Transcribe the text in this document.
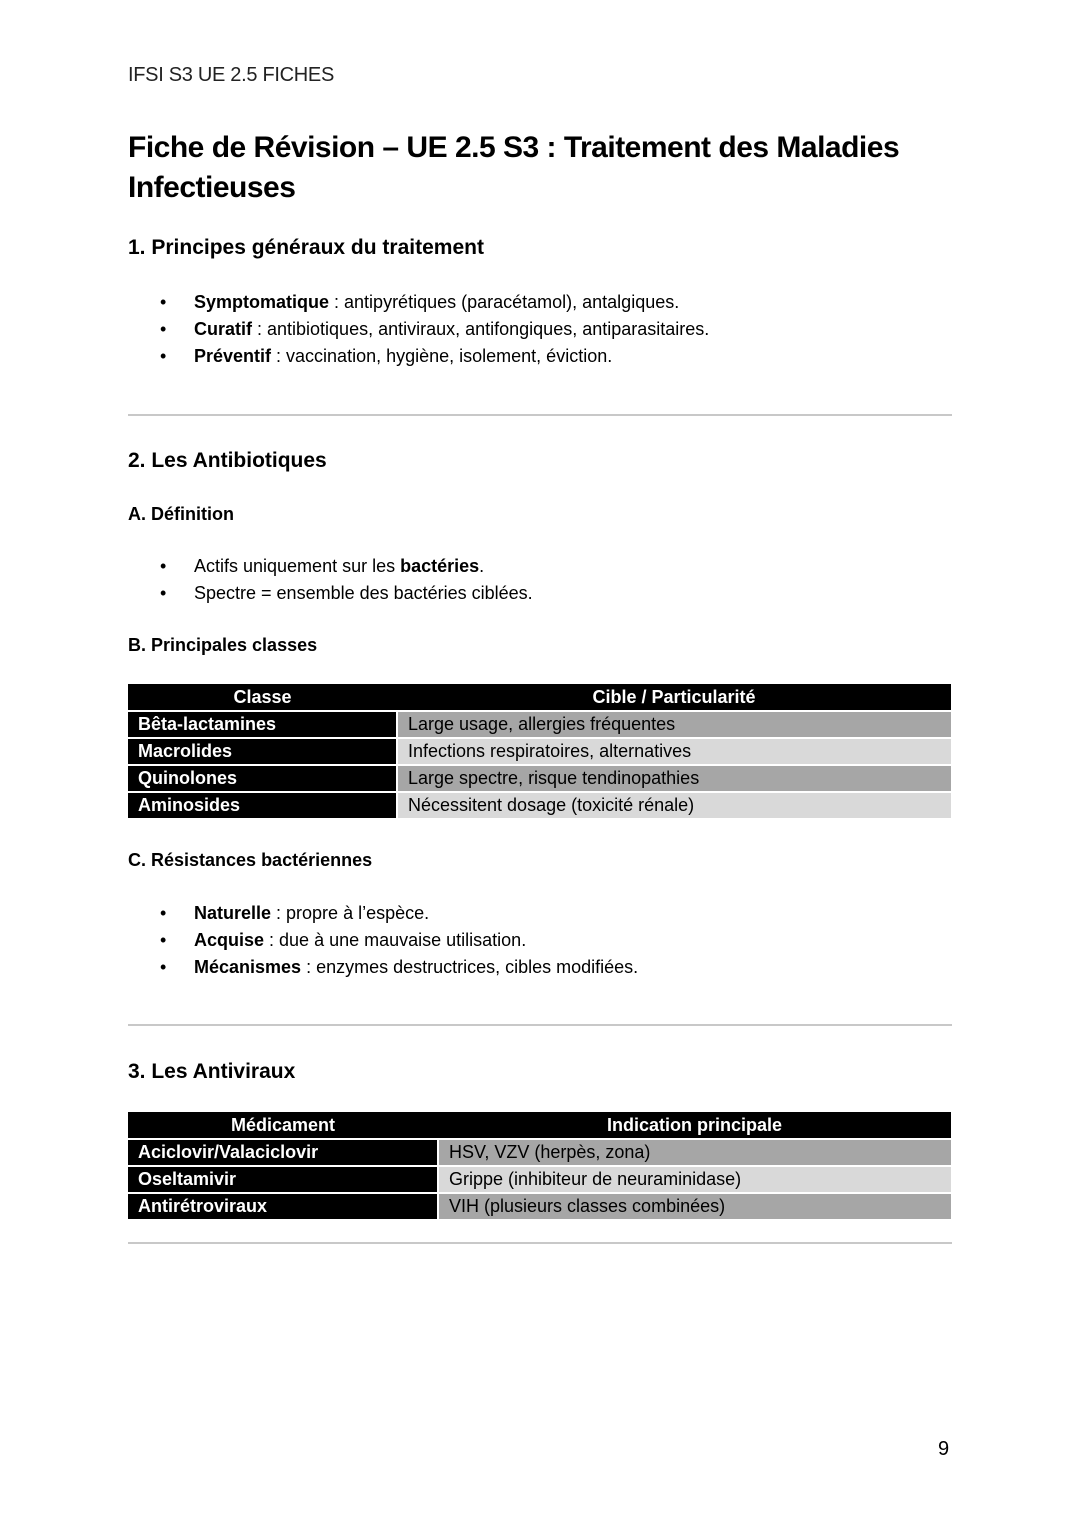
IFSI S3 UE 2.5 FICHES
Fiche de Révision – UE 2.5 S3 : Traitement des Maladies Infectieuses
1. Principes généraux du traitement
• Symptomatique : antipyrétiques (paracétamol), antalgiques.
• Curatif : antibiotiques, antiviraux, antifongiques, antiparasitaires.
• Préventif : vaccination, hygiène, isolement, éviction.
2. Les Antibiotiques
A. Définition
• Actifs uniquement sur les bactéries.
• Spectre = ensemble des bactéries ciblées.
B. Principales classes
Classe	Cible / Particularité
Bêta-lactamines	Large usage, allergies fréquentes
Macrolides	Infections respiratoires, alternatives
Quinolones	Large spectre, risque tendinopathies
Aminosides	Nécessitent dosage (toxicité rénale)
C. Résistances bactériennes
• Naturelle : propre à l’espèce.
• Acquise : due à une mauvaise utilisation.
• Mécanismes : enzymes destructrices, cibles modifiées.
3. Les Antiviraux
Médicament	Indication principale
Aciclovir/Valaciclovir	HSV, VZV (herpès, zona)
Oseltamivir	Grippe (inhibiteur de neuraminidase)
Antirétroviraux	VIH (plusieurs classes combinées)
9
